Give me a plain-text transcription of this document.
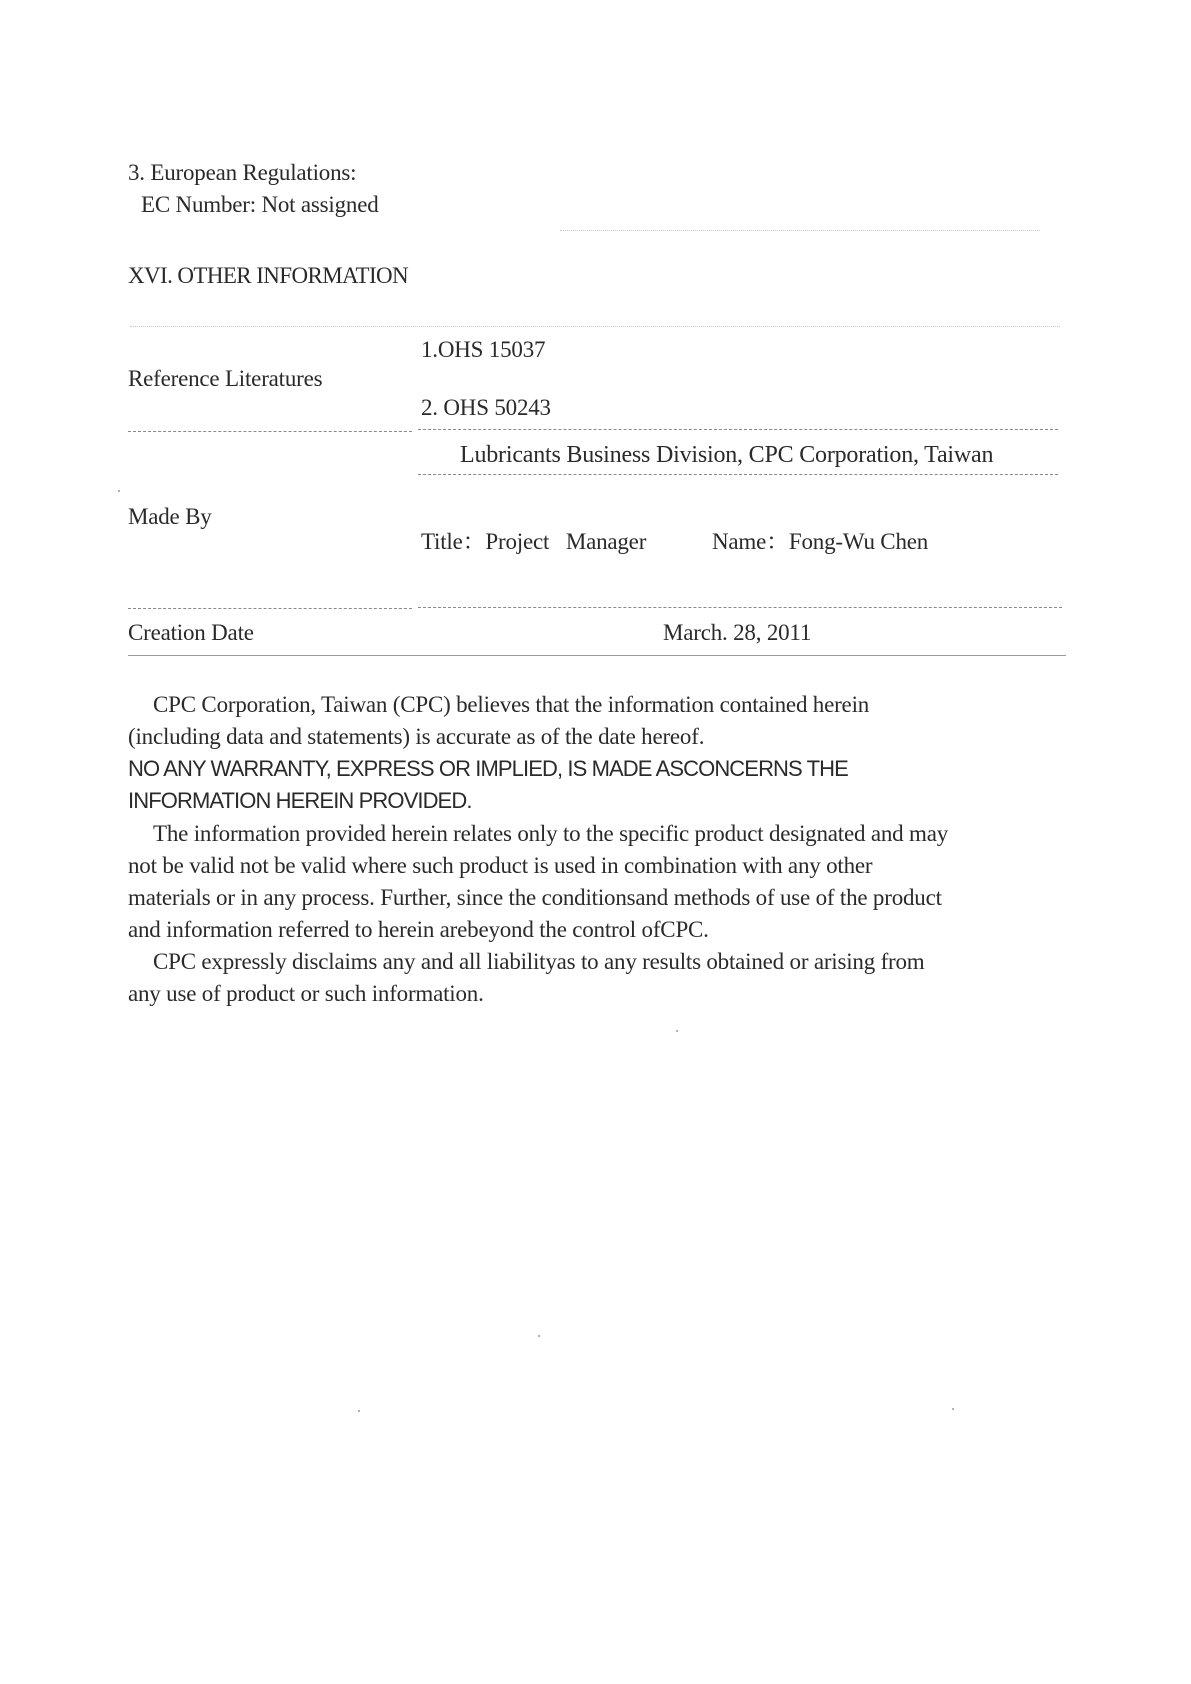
3. European Regulations:
EC Number: Not assigned
XVI. OTHER INFORMATION
Reference Literatures
1.OHS 15037
2. OHS 50243
Lubricants Business Division, CPC Corporation, Taiwan
Made By
Title：Project   Manager	Name：Fong-Wu Chen
Creation Date	March. 28, 2011
CPC Corporation, Taiwan (CPC) believes that the information contained herein
(including data and statements) is accurate as of the date hereof.
NO ANY WARRANTY, EXPRESS OR IMPLIED, IS MADE ASCONCERNS THE
INFORMATION HEREIN PROVIDED.
The information provided herein relates only to the specific product designated and may
not be valid not be valid where such product is used in combination with any other
materials or in any process. Further, since the conditionsand methods of use of the product
and information referred to herein arebeyond the control ofCPC.
CPC expressly disclaims any and all liabilityas to any results obtained or arising from
any use of product or such information.
